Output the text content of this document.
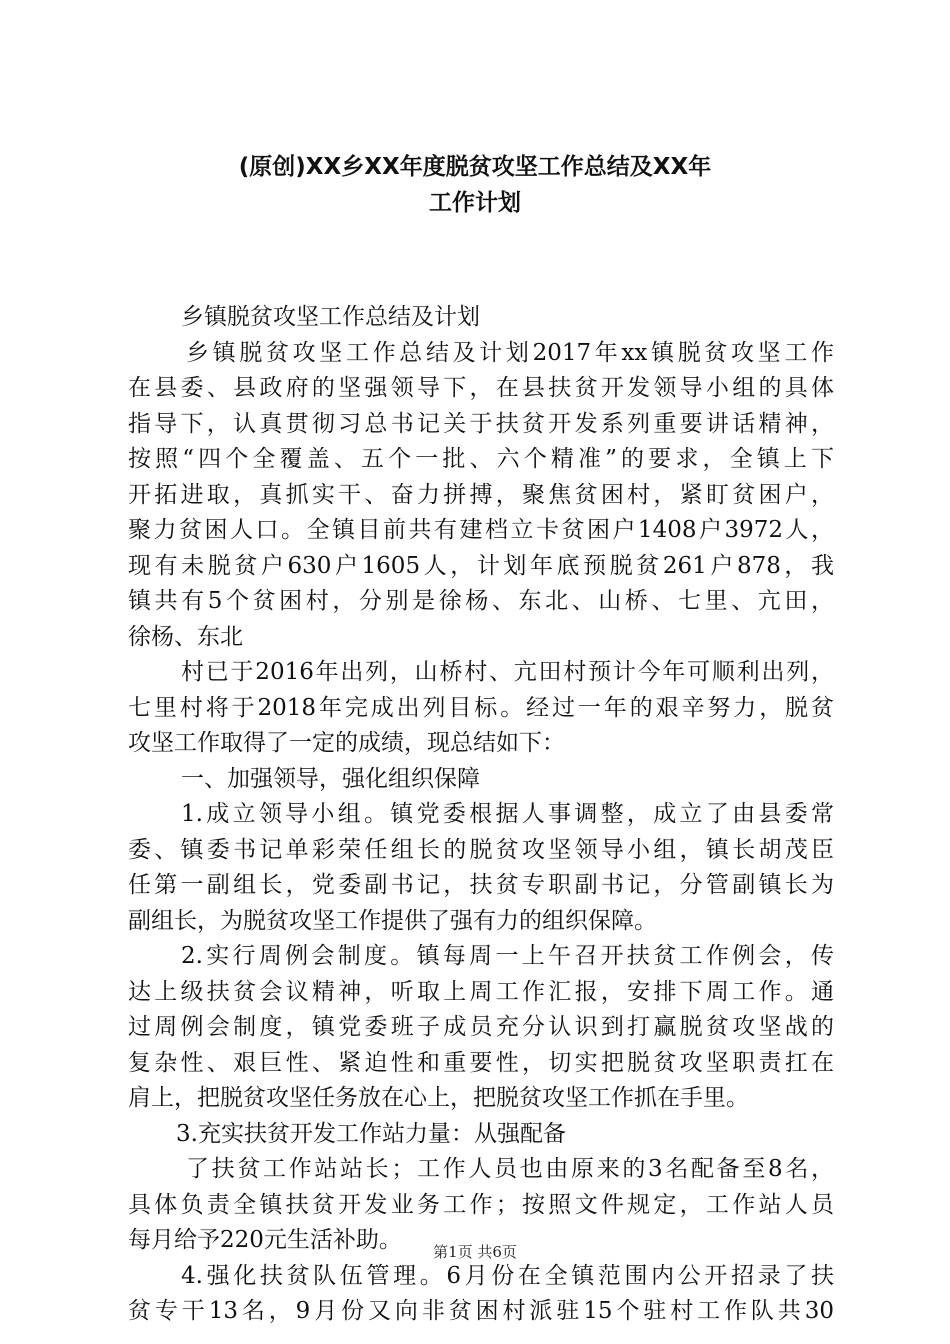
(原创)XX乡XX年度脱贫攻坚工作总结及XX年
工作计划
乡镇脱贫攻坚工作总结及计划
乡镇脱贫攻坚工作总结及计划2017年xx镇脱贫攻坚工作
在县委、县政府的坚强领导下，在县扶贫开发领导小组的具体
指导下，认真贯彻习总书记关于扶贫开发系列重要讲话精神，
按照“四个全覆盖、五个一批、六个精准”的要求，全镇上下
开拓进取，真抓实干、奋力拼搏，聚焦贫困村，紧盯贫困户，
聚力贫困人口。全镇目前共有建档立卡贫困户1408户3972人，
现有未脱贫户630户1605人，计划年底预脱贫261户878，我
镇共有5个贫困村，分别是徐杨、东北、山桥、七里、亢田，
徐杨、东北
村已于2016年出列，山桥村、亢田村预计今年可顺利出列，
七里村将于2018年完成出列目标。经过一年的艰辛努力，脱贫
攻坚工作取得了一定的成绩，现总结如下：
一、加强领导，强化组织保障
1.成立领导小组。镇党委根据人事调整，成立了由县委常
委、镇委书记单彩荣任组长的脱贫攻坚领导小组，镇长胡茂臣
任第一副组长，党委副书记，扶贫专职副书记，分管副镇长为
副组长，为脱贫攻坚工作提供了强有力的组织保障。
2.实行周例会制度。镇每周一上午召开扶贫工作例会，传
达上级扶贫会议精神，听取上周工作汇报，安排下周工作。通
过周例会制度，镇党委班子成员充分认识到打赢脱贫攻坚战的
复杂性、艰巨性、紧迫性和重要性，切实把脱贫攻坚职责扛在
肩上，把脱贫攻坚任务放在心上，把脱贫攻坚工作抓在手里。
3.充实扶贫开发工作站力量：从强配备
了扶贫工作站站长；工作人员也由原来的3名配备至8名，
具体负责全镇扶贫开发业务工作；按照文件规定，工作站人员
每月给予220元生活补助。
4.强化扶贫队伍管理。6月份在全镇范围内公开招录了扶
贫专干13名，9月份又向非贫困村派驻15个驻村工作队共30
第1页 共6页
